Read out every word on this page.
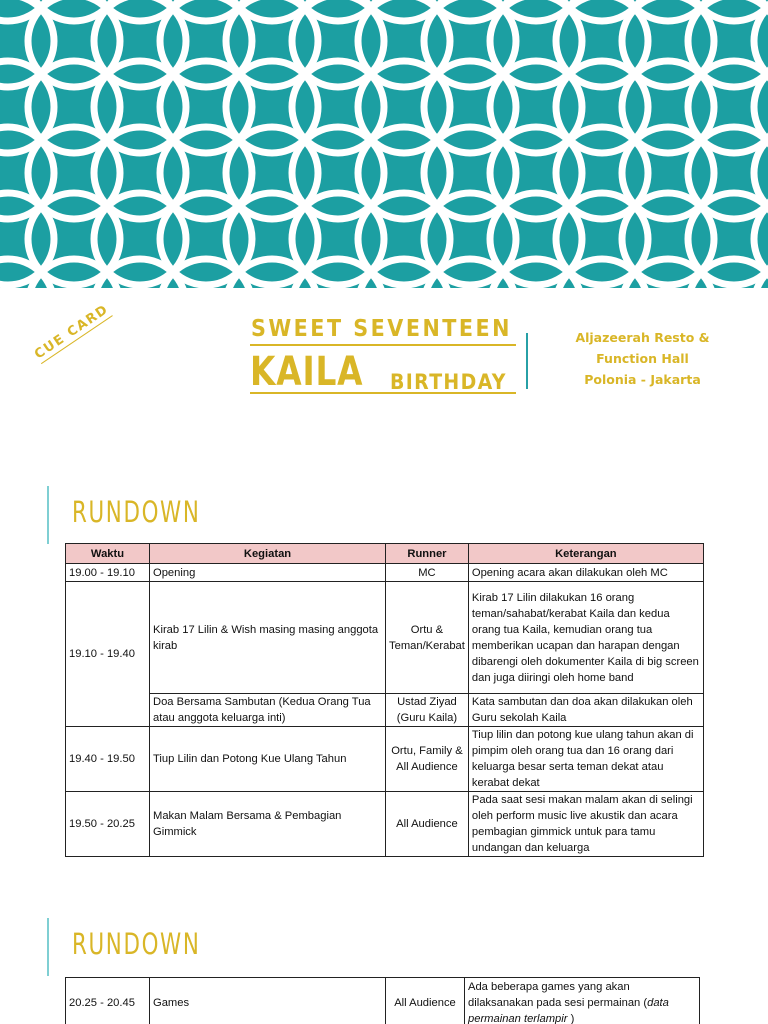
CUE CARD	SWEET SEVENTEEN
KAILA BIRTHDAY
Aljazeerah Resto &
Function Hall
Polonia - Jakarta
RUNDOWN
Waktu	Kegiatan	Runner	Keterangan
19.00 - 19.10	Opening	MC	Opening acara akan dilakukan oleh MC
19.10 - 19.40	Kirab 17 Lilin & Wish masing masing anggota kirab	Ortu & Teman/Kerabat	Kirab 17 Lilin dilakukan 16 orang teman/sahabat/kerabat Kaila dan kedua orang tua Kaila, kemudian orang tua memberikan ucapan dan harapan dengan dibarengi oleh dokumenter Kaila di big screen dan juga diiringi oleh home band
	Doa Bersama Sambutan (Kedua Orang Tua atau anggota keluarga inti)	Ustad Ziyad (Guru Kaila)	Kata sambutan dan doa akan dilakukan oleh Guru sekolah Kaila
19.40 - 19.50	Tiup Lilin dan Potong Kue Ulang Tahun	Ortu, Family & All Audience	Tiup lilin dan potong kue ulang tahun akan di pimpim oleh orang tua dan 16 orang dari keluarga besar serta teman dekat atau kerabat dekat
19.50 - 20.25	Makan Malam Bersama & Pembagian Gimmick	All Audience	Pada saat sesi makan malam akan di selingi oleh perform music live akustik dan acara pembagian gimmick untuk para tamu undangan dan keluarga
RUNDOWN
20.25 - 20.45	Games	All Audience	Ada beberapa games yang akan dilaksanakan pada sesi permainan (data permainan terlampir )
